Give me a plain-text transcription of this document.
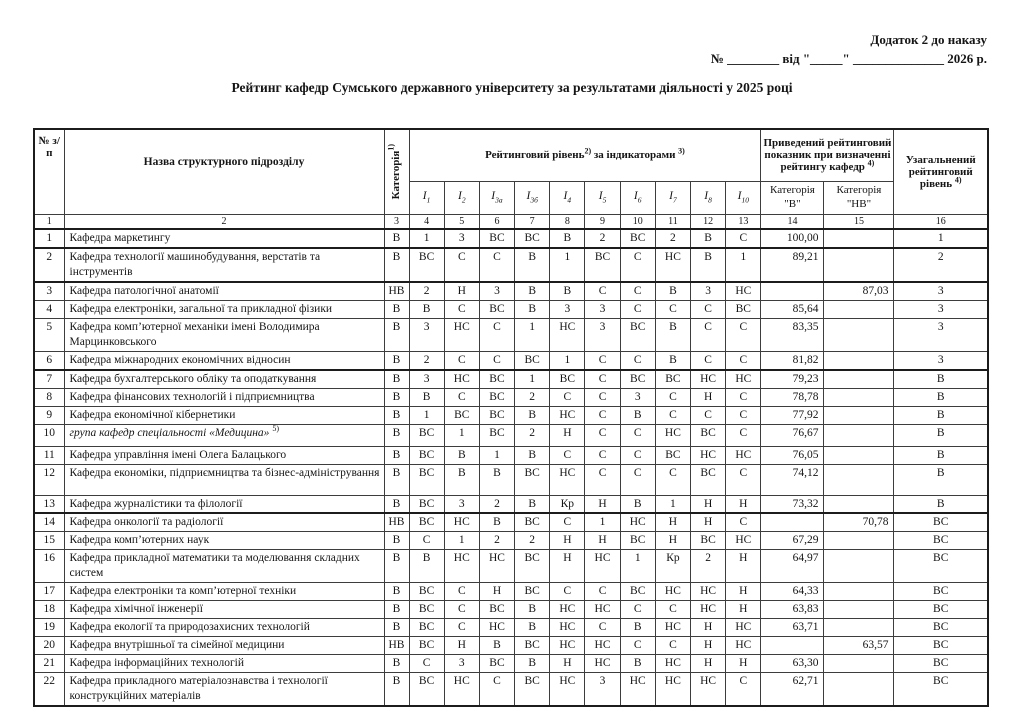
Додаток 2 до наказу
№ ________ від "_____" ______________ 2026 р.
Рейтинг кафедр Сумського державного університету за результатами діяльності у 2025 році
№ з/п	Назва структурного підрозділу	Категорія$^{1)}$	Рейтинговий рівень$^{2)}$ за індикаторами $^{3)}$										Приведений рейтинговий показник при визначенні рейтингу кафедр $^{4)}$		Узагальнений рейтинговий рівень $^{4)}$
			$I_1$	$I_2$	$I_{3а}$	$I_{3б}$	$I_4$	$I_5$	$I_6$	$I_7$	$I_8$	$I_{10}$	Категорія "В"	Категорія "НВ"	
1	2	3	4	5	6	7	8	9	10	11	12	13	14	15	16
1	Кафедра маркетингу	В	1	3	ВС	ВС	В	2	ВС	2	В	С	100,00		1
2	Кафедра технології машинобудування, верстатів та інструментів	В	ВС	С	С	В	1	ВС	С	НС	В	1	89,21		2
3	Кафедра патологічної анатомії	НВ	2	Н	3	В	В	С	С	В	3	НС		87,03	3
4	Кафедра електроніки, загальної та прикладної фізики	В	В	С	ВС	В	3	3	С	С	С	ВС	85,64		3
5	Кафедра комп’ютерної механіки імені Володимира Марцинковського	В	3	НС	С	1	НС	3	ВС	В	С	С	83,35		3
6	Кафедра міжнародних економічних відносин	В	2	С	С	ВС	1	С	С	В	С	С	81,82		3
7	Кафедра бухгалтерського обліку та оподаткування	В	3	НС	ВС	1	ВС	С	ВС	ВС	НС	НС	79,23		В
8	Кафедра фінансових технологій і підприємництва	В	В	С	ВС	2	С	С	3	С	Н	С	78,78		В
9	Кафедра економічної кібернетики	В	1	ВС	ВС	В	НС	С	В	С	С	С	77,92		В
10	група кафедр спеціальності «Медицина» $^{5)}$	В	ВС	1	ВС	2	Н	С	С	НС	ВС	С	76,67		В
11	Кафедра управління імені Олега Балацького	В	ВС	В	1	В	С	С	С	ВС	НС	НС	76,05		В
12	Кафедра економіки, підприємництва та бізнес-адміністрування	В	ВС	В	В	ВС	НС	С	С	С	ВС	С	74,12		В
13	Кафедра журналістики та філології	В	ВС	3	2	В	Кр	Н	В	1	Н	Н	73,32		В
14	Кафедра онкології та радіології	НВ	ВС	НС	В	ВС	С	1	НС	Н	Н	С		70,78	ВС
15	Кафедра комп’ютерних наук	В	С	1	2	2	Н	Н	ВС	Н	ВС	НС	67,29		ВС
16	Кафедра прикладної математики та моделювання складних систем	В	В	НС	НС	ВС	Н	НС	1	Кр	2	Н	64,97		ВС
17	Кафедра електроніки та комп’ютерної техніки	В	ВС	С	Н	ВС	С	С	ВС	НС	НС	Н	64,33		ВС
18	Кафедра хімічної інженерії	В	ВС	С	ВС	В	НС	НС	С	С	НС	Н	63,83		ВС
19	Кафедра екології та природозахисних технологій	В	ВС	С	НС	В	НС	С	В	НС	Н	НС	63,71		ВС
20	Кафедра внутрішньої та сімейної медицини	НВ	ВС	Н	В	ВС	НС	НС	С	С	Н	НС		63,57	ВС
21	Кафедра інформаційних технологій	В	С	3	ВС	В	Н	НС	В	НС	Н	Н	63,30		ВС
22	Кафедра прикладного матеріалознавства і технології конструкційних матеріалів	В	ВС	НС	С	ВС	НС	3	НС	НС	НС	С	62,71		ВС
